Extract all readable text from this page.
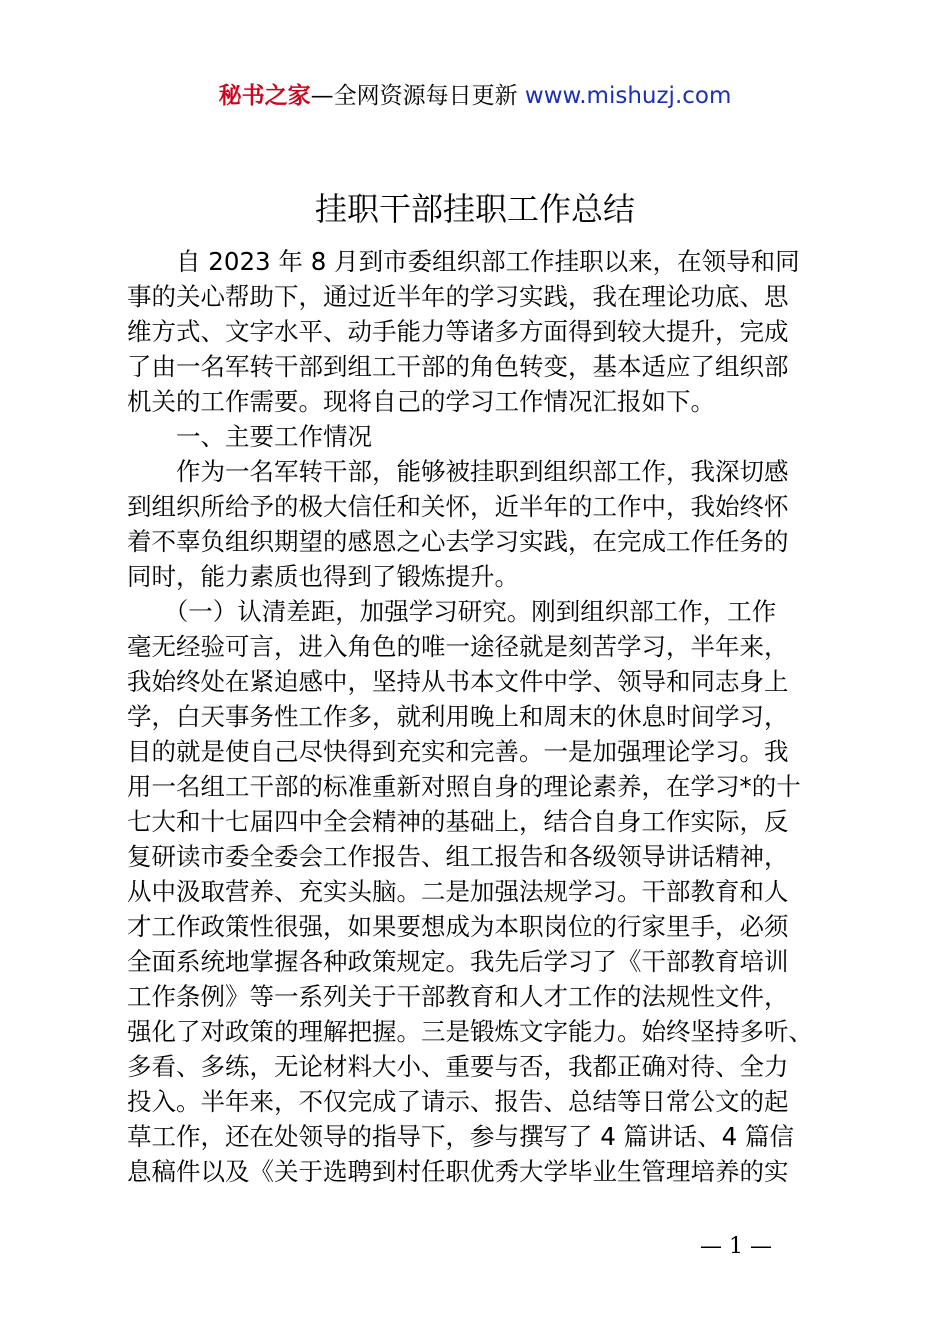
秘书之家—全网资源每日更新 www.mishuzj.com
挂职干部挂职工作总结
　　自 2023 年 8 月到市委组织部工作挂职以来，在领导和同
事的关心帮助下，通过近半年的学习实践，我在理论功底、思
维方式、文字水平、动手能力等诸多方面得到较大提升，完成
了由一名军转干部到组工干部的角色转变，基本适应了组织部
机关的工作需要。现将自己的学习工作情况汇报如下。
　　一、主要工作情况
　　作为一名军转干部，能够被挂职到组织部工作，我深切感
到组织所给予的极大信任和关怀，近半年的工作中，我始终怀
着不辜负组织期望的感恩之心去学习实践，在完成工作任务的
同时，能力素质也得到了锻炼提升。
　　（一）认清差距，加强学习研究。刚到组织部工作，工作
毫无经验可言，进入角色的唯一途径就是刻苦学习，半年来，
我始终处在紧迫感中，坚持从书本文件中学、领导和同志身上
学，白天事务性工作多，就利用晚上和周末的休息时间学习，
目的就是使自己尽快得到充实和完善。一是加强理论学习。我
用一名组工干部的标准重新对照自身的理论素养，在学习*的十
七大和十七届四中全会精神的基础上，结合自身工作实际，反
复研读市委全委会工作报告、组工报告和各级领导讲话精神，
从中汲取营养、充实头脑。二是加强法规学习。干部教育和人
才工作政策性很强，如果要想成为本职岗位的行家里手，必须
全面系统地掌握各种政策规定。我先后学习了《干部教育培训
工作条例》等一系列关于干部教育和人才工作的法规性文件，
强化了对政策的理解把握。三是锻炼文字能力。始终坚持多听、
多看、多练，无论材料大小、重要与否，我都正确对待、全力
投入。半年来，不仅完成了请示、报告、总结等日常公文的起
草工作，还在处领导的指导下，参与撰写了 4 篇讲话、4 篇信
息稿件以及《关于选聘到村任职优秀大学毕业生管理培养的实
— 1 —
